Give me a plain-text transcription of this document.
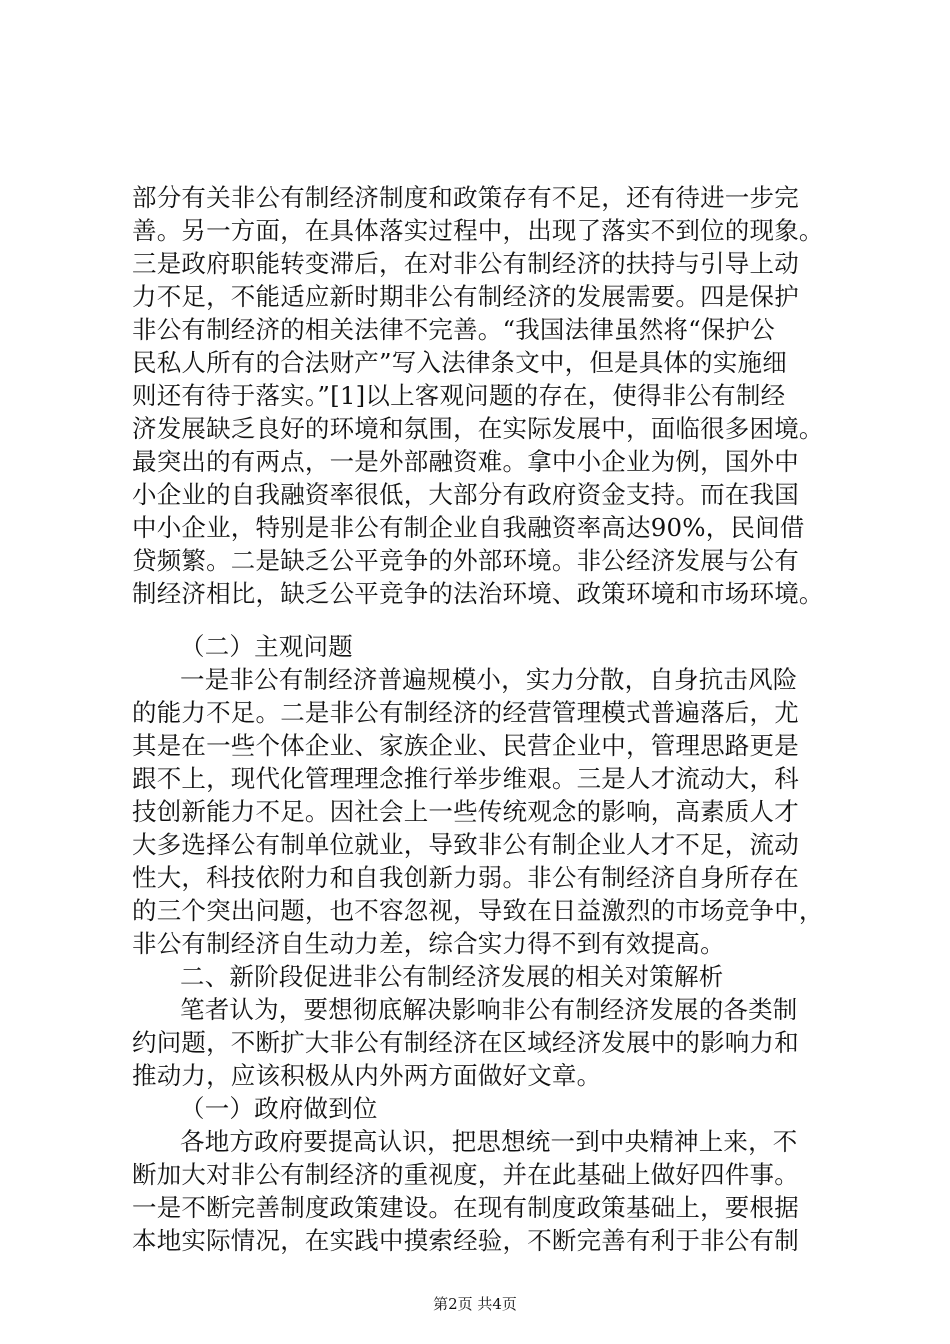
部分有关非公有制经济制度和政策存有不足，还有待进一步完
善。另一方面，在具体落实过程中，出现了落实不到位的现象。
三是政府职能转变滞后，在对非公有制经济的扶持与引导上动
力不足，不能适应新时期非公有制经济的发展需要。四是保护
非公有制经济的相关法律不完善。“我国法律虽然将“保护公
民私人所有的合法财产”写入法律条文中，但是具体的实施细
则还有待于落实。”[1]以上客观问题的存在，使得非公有制经
济发展缺乏良好的环境和氛围，在实际发展中，面临很多困境。
最突出的有两点，一是外部融资难。拿中小企业为例，国外中
小企业的自我融资率很低，大部分有政府资金支持。而在我国
中小企业，特别是非公有制企业自我融资率高达90%，民间借
贷频繁。二是缺乏公平竞争的外部环境。非公经济发展与公有
制经济相比，缺乏公平竞争的法治环境、政策环境和市场环境。
（二）主观问题
一是非公有制经济普遍规模小，实力分散，自身抗击风险
的能力不足。二是非公有制经济的经营管理模式普遍落后，尤
其是在一些个体企业、家族企业、民营企业中，管理思路更是
跟不上，现代化管理理念推行举步维艰。三是人才流动大，科
技创新能力不足。因社会上一些传统观念的影响，高素质人才
大多选择公有制单位就业，导致非公有制企业人才不足，流动
性大，科技依附力和自我创新力弱。非公有制经济自身所存在
的三个突出问题，也不容忽视，导致在日益激烈的市场竞争中，
非公有制经济自生动力差，综合实力得不到有效提高。
二、新阶段促进非公有制经济发展的相关对策解析
笔者认为，要想彻底解决影响非公有制经济发展的各类制
约问题，不断扩大非公有制经济在区域经济发展中的影响力和
推动力，应该积极从内外两方面做好文章。
（一）政府做到位
各地方政府要提高认识，把思想统一到中央精神上来，不
断加大对非公有制经济的重视度，并在此基础上做好四件事。
一是不断完善制度政策建设。在现有制度政策基础上，要根据
本地实际情况，在实践中摸索经验，不断完善有利于非公有制
第2页 共4页
